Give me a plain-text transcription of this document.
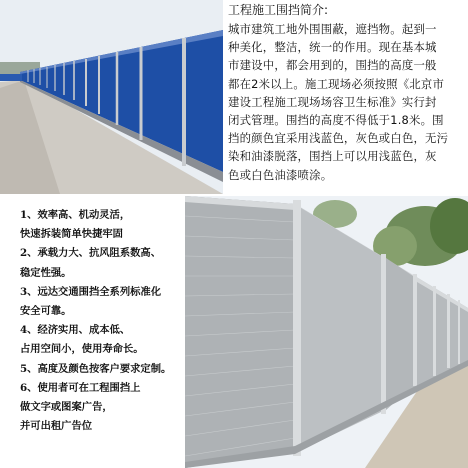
工程施工围挡简介:

城市建筑工地外围围蔽，遮挡物。起到一
种美化，整洁，统一的作用。现在基本城
市建设中，都会用到的，围挡的高度一般
都在2米以上。施工现场必须按照《北京市
建设工程施工现场场容卫生标准》实行封
闭式管理。围挡的高度不得低于1.8米。围
挡的颜色宜采用浅蓝色，灰色或白色，无污
染和油漆脱落，围挡上可以用浅蓝色，灰
色或白色油漆喷涂。

1、效率高、机动灵活，

快速拆装简单快捷牢固

2、承载力大、抗风阻系数高、

稳定性强。

3、远达交通围挡全系列标准化

安全可靠。

4、经济实用、成本低、

占用空间小，使用寿命长。

5、高度及颜色按客户要求定制。

6、使用者可在工程围挡上

做文字或图案广告，

并可出租广告位
